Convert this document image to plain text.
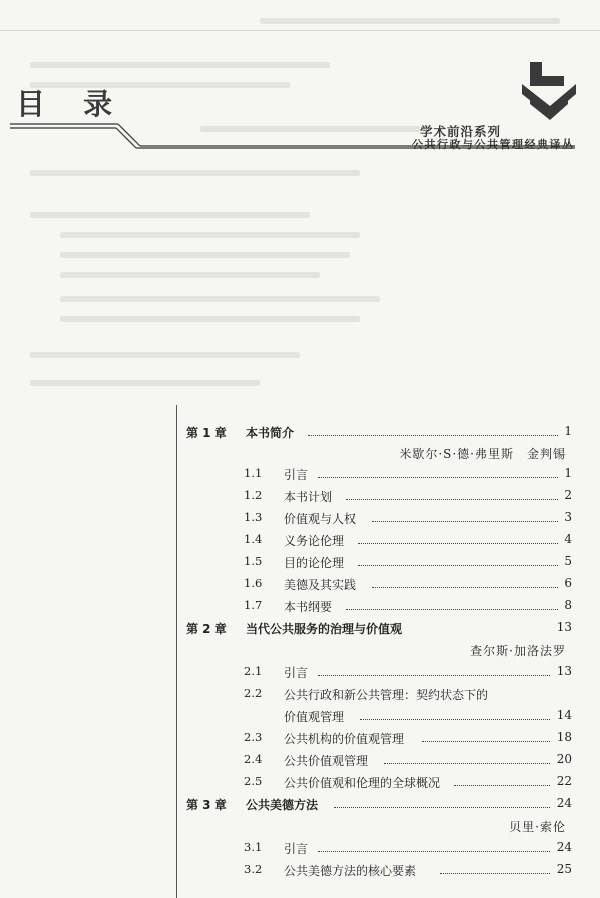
目 录
学术前沿系列
公共行政与公共管理经典译丛
第 1 章 本书简介	1
米歇尔·S·德·弗里斯　金判锡
1.1 引言	1
1.2 本书计划	2
1.3 价值观与人权	3
1.4 义务论伦理	4
1.5 目的论伦理	5
1.6 美德及其实践	6
1.7 本书纲要	8
第 2 章 当代公共服务的治理与价值观	13
查尔斯·加洛法罗
2.1 引言	13
2.2 公共行政和新公共管理：契约状态下的
价值观管理	14
2.3 公共机构的价值观管理	18
2.4 公共价值观管理	20
2.5 公共价值观和伦理的全球概况	22
第 3 章 公共美德方法	24
贝里·索伦
3.1 引言	24
3.2 公共美德方法的核心要素	25
